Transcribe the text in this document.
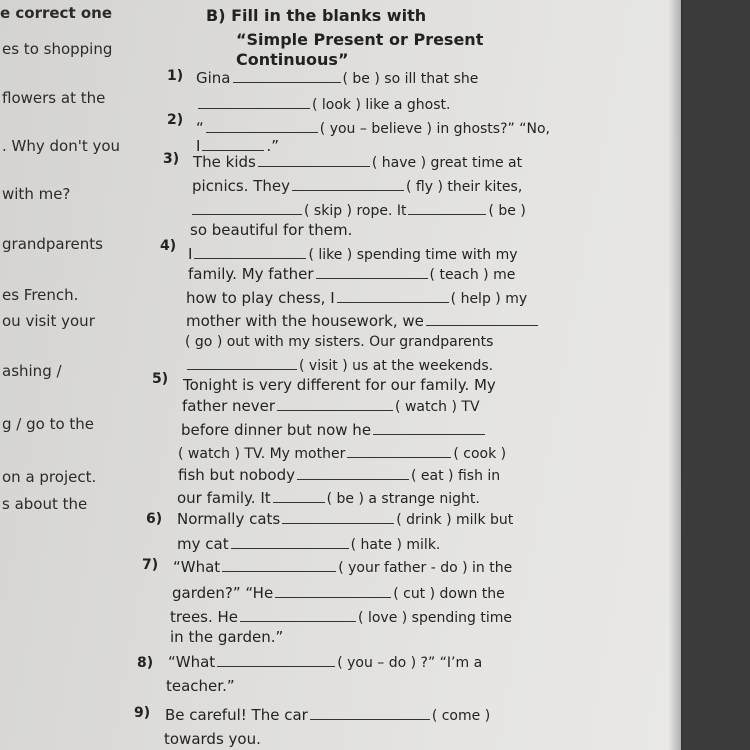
e correct one
es to shopping
flowers at the
. Why don't you
with me?
grandparents
es French.
ou visit your
ashing /
g / go to the
on a project.
s about the
B) Fill in the blanks with
“Simple Present or Present
Continuous”
1) Gina	( be ) so ill that she
( look ) like a ghost.
2) “	( you – believe ) in ghosts?” “No,
I	.”
3) The kids	( have ) great time at
picnics. They	( fly ) their kites,
( skip ) rope. It	( be )
so beautiful for them.
4) I	( like ) spending time with my
family. My father	( teach ) me
how to play chess, I	( help ) my
mother with the housework, we
( go ) out with my sisters. Our grandparents
( visit ) us at the weekends.
5) Tonight is very different for our family. My
father never	( watch ) TV
before dinner but now he
( watch ) TV. My mother	( cook )
fish but nobody	( eat ) fish in
our family. It	( be ) a strange night.
6) Normally cats	( drink ) milk but
my cat	( hate ) milk.
7) “What	( your father - do ) in the
garden?” “He	( cut ) down the
trees. He	( love ) spending time
in the garden.”
8) “What	( you – do ) ?” “I’m a
teacher.”
9) Be careful! The car	( come )
towards you.
